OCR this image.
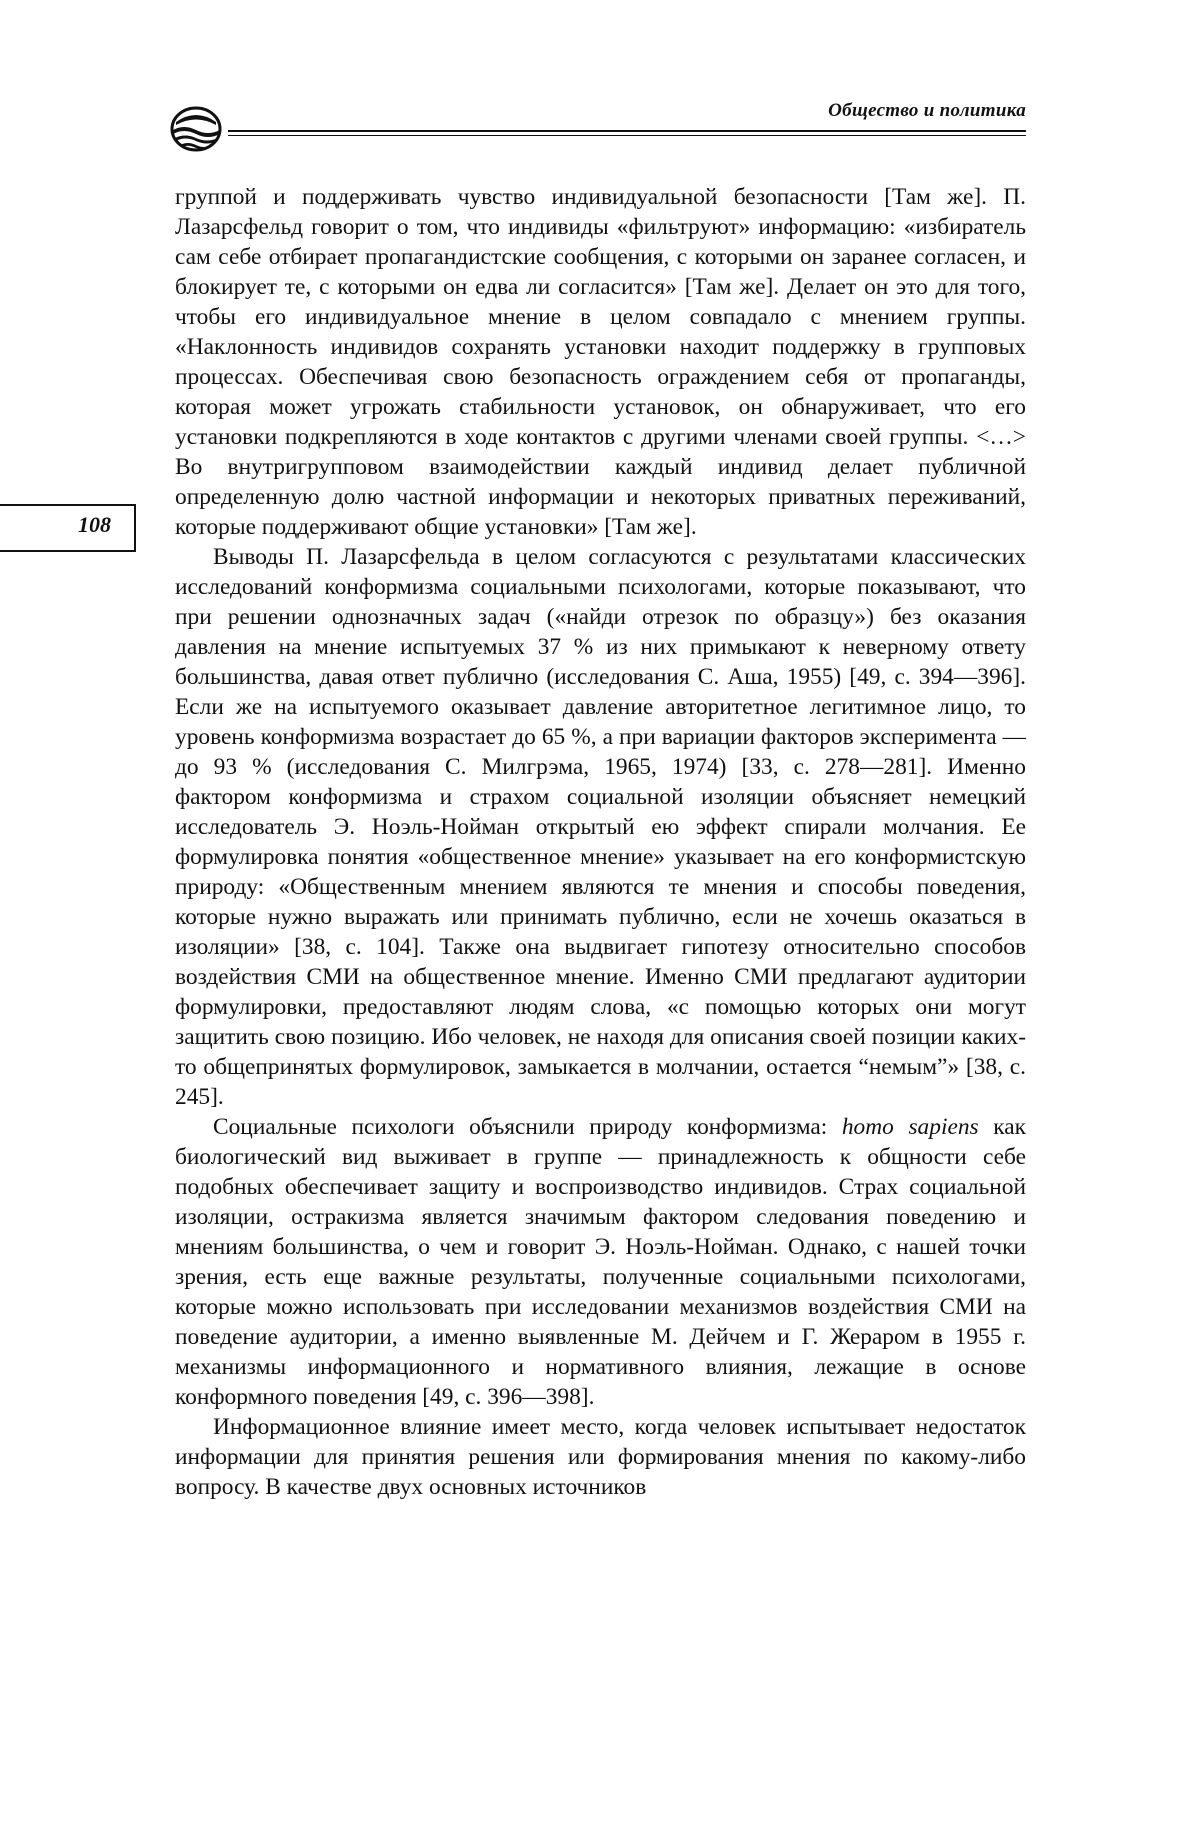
Общество и политика
108

группой и поддерживать чувство индивидуальной безопасности [Там же]. П. Лазарсфельд говорит о том, что индивиды «фильтруют» информацию: «избиратель сам себе отбирает пропагандистские сообщения, с которыми он заранее согласен, и блокирует те, с которыми он едва ли согласится» [Там же]. Делает он это для того, чтобы его индивидуальное мнение в целом совпадало с мнением группы. «Наклонность индивидов сохранять установки находит поддержку в групповых процессах. Обеспечивая свою безопасность ограждением себя от пропаганды, которая может угрожать стабильности установок, он обнаруживает, что его установки подкрепляются в ходе контактов с другими членами своей группы. <…> Во внутригрупповом взаимодействии каждый индивид делает публичной определенную долю частной информации и некоторых приватных переживаний, которые поддерживают общие установки» [Там же].

Выводы П. Лазарсфельда в целом согласуются с результатами классических исследований конформизма социальными психологами, которые показывают, что при решении однозначных задач («найди отрезок по образцу») без оказания давления на мнение испытуемых 37 % из них примыкают к неверному ответу большинства, давая ответ публично (исследования С. Аша, 1955) [49, с. 394—396]. Если же на испытуемого оказывает давление авторитетное легитимное лицо, то уровень конформизма возрастает до 65 %, а при вариации факторов эксперимента — до 93 % (исследования С. Милгрэма, 1965, 1974) [33, с. 278—281]. Именно фактором конформизма и страхом социальной изоляции объясняет немецкий исследователь Э. Ноэль-Нойман открытый ею эффект спирали молчания. Ее формулировка понятия «общественное мнение» указывает на его конформистскую природу: «Общественным мнением являются те мнения и способы поведения, которые нужно выражать или принимать публично, если не хочешь оказаться в изоляции» [38, с. 104]. Также она выдвигает гипотезу относительно способов воздействия СМИ на общественное мнение. Именно СМИ предлагают аудитории формулировки, предоставляют людям слова, «с помощью которых они могут защитить свою позицию. Ибо человек, не находя для описания своей позиции каких-то общепринятых формулировок, замыкается в молчании, остается “немым”» [38, с. 245].

Социальные психологи объяснили природу конформизма: homo sapiens как биологический вид выживает в группе — принадлежность к общности себе подобных обеспечивает защиту и воспроизводство индивидов. Страх социальной изоляции, остракизма является значимым фактором следования поведению и мнениям большинства, о чем и говорит Э. Ноэль-Нойман. Однако, с нашей точки зрения, есть еще важные результаты, полученные социальными психологами, которые можно использовать при исследовании механизмов воздействия СМИ на поведение аудитории, а именно выявленные М. Дейчем и Г. Жераром в 1955 г. механизмы информационного и нормативного влияния, лежащие в основе конформного поведения [49, с. 396—398].

Информационное влияние имеет место, когда человек испытывает недостаток информации для принятия решения или формирования мнения по какому-либо вопросу. В качестве двух основных источников
